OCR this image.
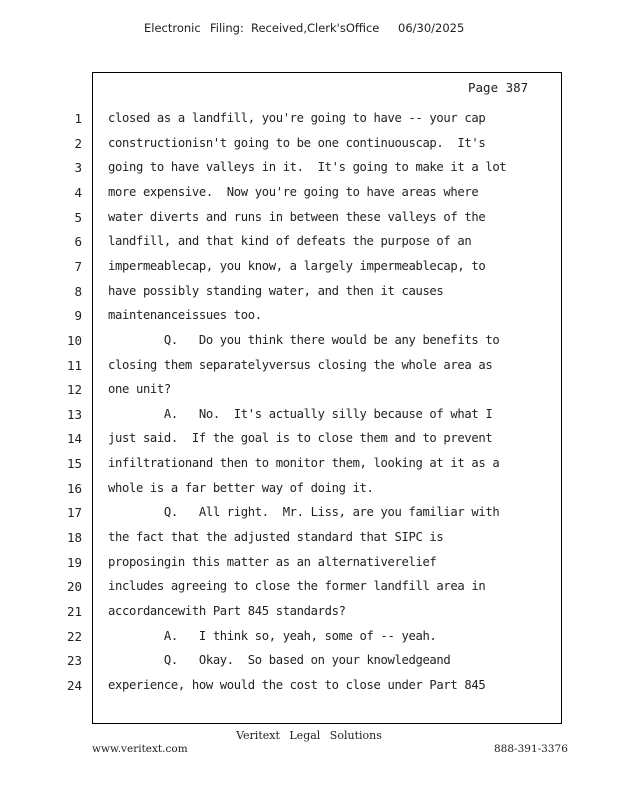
Electronic Filing: Received,Clerk'sOffice 06/30/2025
Page 387
1 closed as a landfill, you're going to have -- your cap
2 constructionisn't going to be one continuouscap.  It's
3 going to have valleys in it.  It's going to make it a lot
4 more expensive.  Now you're going to have areas where
5 water diverts and runs in between these valleys of the
6 landfill, and that kind of defeats the purpose of an
7 impermeablecap, you know, a largely impermeablecap, to
8 have possibly standing water, and then it causes
9 maintenanceissues too.
10 Q.   Do you think there would be any benefits to
11 closing them separatelyversus closing the whole area as
12 one unit?
13 A.   No.  It's actually silly because of what I
14 just said.  If the goal is to close them and to prevent
15 infiltrationand then to monitor them, looking at it as a
16 whole is a far better way of doing it.
17 Q.   All right.  Mr. Liss, are you familiar with
18 the fact that the adjusted standard that SIPC is
19 proposingin this matter as an alternativerelief
20 includes agreeing to close the former landfill area in
21 accordancewith Part 845 standards?
22 A.   I think so, yeah, some of -- yeah.
23 Q.   Okay.  So based on your knowledgeand
24 experience, how would the cost to close under Part 845
Veritext Legal Solutions
www.veritext.com	888-391-3376
